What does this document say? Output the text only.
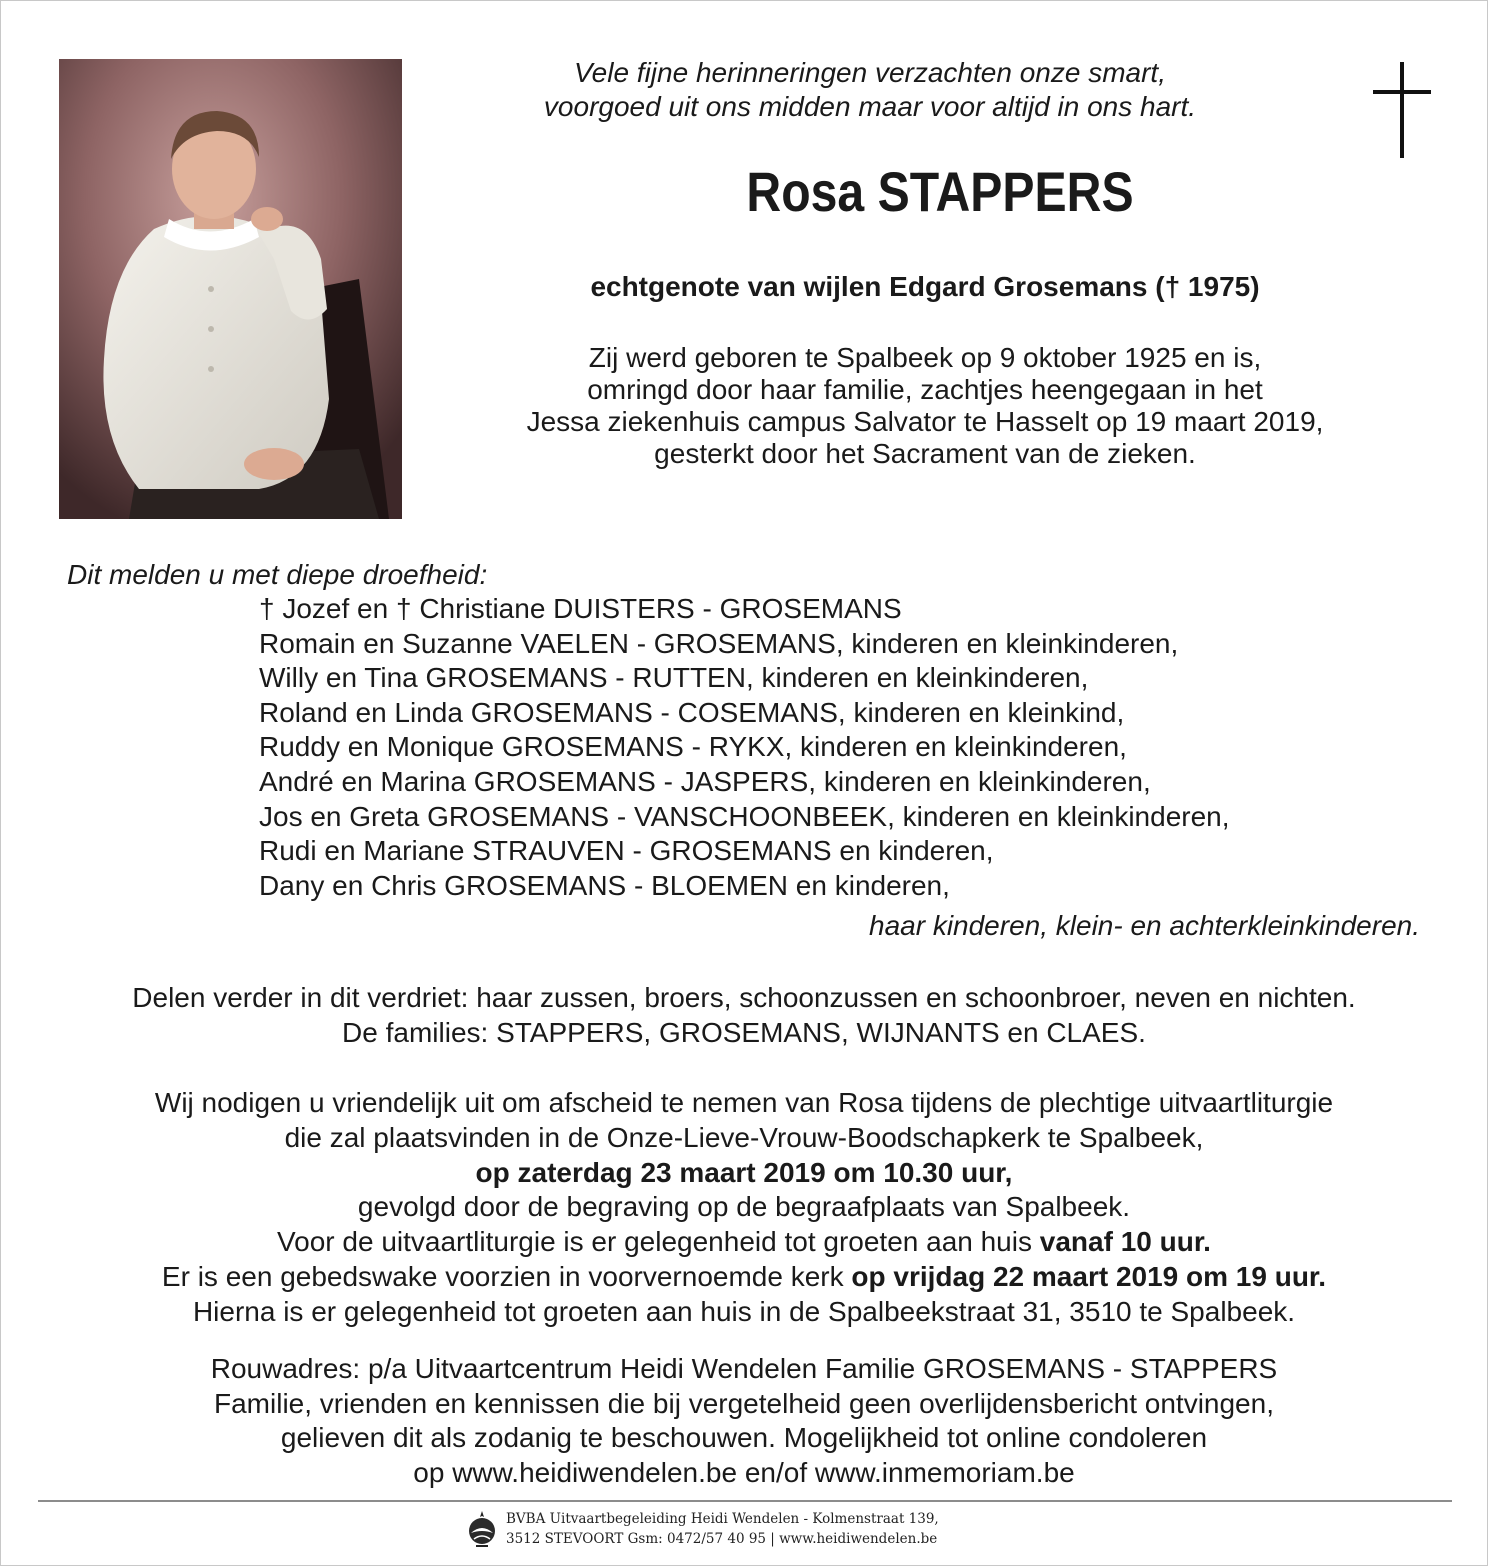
Vele fijne herinneringen verzachten onze smart,
voorgoed uit ons midden maar voor altijd in ons hart.
Rosa STAPPERS
echtgenote van wijlen Edgard Grosemans († 1975)
Zij werd geboren te Spalbeek op 9 oktober 1925 en is,
omringd door haar familie, zachtjes heengegaan in het
Jessa ziekenhuis campus Salvator te Hasselt op 19 maart 2019,
gesterkt door het Sacrament van de zieken.
Dit melden u met diepe droefheid:
† Jozef en † Christiane DUISTERS - GROSEMANS
Romain en Suzanne VAELEN - GROSEMANS, kinderen en kleinkinderen,
Willy en Tina GROSEMANS - RUTTEN, kinderen en kleinkinderen,
Roland en Linda GROSEMANS - COSEMANS, kinderen en kleinkind,
Ruddy en Monique GROSEMANS - RYKX, kinderen en kleinkinderen,
André en Marina GROSEMANS - JASPERS, kinderen en kleinkinderen,
Jos en Greta GROSEMANS - VANSCHOONBEEK, kinderen en kleinkinderen,
Rudi en Mariane STRAUVEN - GROSEMANS en kinderen,
Dany en Chris GROSEMANS - BLOEMEN en kinderen,
haar kinderen, klein- en achterkleinkinderen.
Delen verder in dit verdriet: haar zussen, broers, schoonzussen en schoonbroer, neven en nichten.
De families: STAPPERS, GROSEMANS, WIJNANTS en CLAES.
Wij nodigen u vriendelijk uit om afscheid te nemen van Rosa tijdens de plechtige uitvaartliturgie
die zal plaatsvinden in de Onze-Lieve-Vrouw-Boodschapkerk te Spalbeek,
op zaterdag 23 maart 2019 om 10.30 uur,
gevolgd door de begraving op de begraafplaats van Spalbeek.
Voor de uitvaartliturgie is er gelegenheid tot groeten aan huis vanaf 10 uur.
Er is een gebedswake voorzien in voorvernoemde kerk op vrijdag 22 maart 2019 om 19 uur.
Hierna is er gelegenheid tot groeten aan huis in de Spalbeekstraat 31, 3510 te Spalbeek.
Rouwadres: p/a Uitvaartcentrum Heidi Wendelen Familie GROSEMANS - STAPPERS
Familie, vrienden en kennissen die bij vergetelheid geen overlijdensbericht ontvingen,
gelieven dit als zodanig te beschouwen. Mogelijkheid tot online condoleren
op www.heidiwendelen.be en/of www.inmemoriam.be
BVBA Uitvaartbegeleiding Heidi Wendelen - Kolmenstraat 139,
3512 STEVOORT Gsm: 0472/57 40 95 | www.heidiwendelen.be
